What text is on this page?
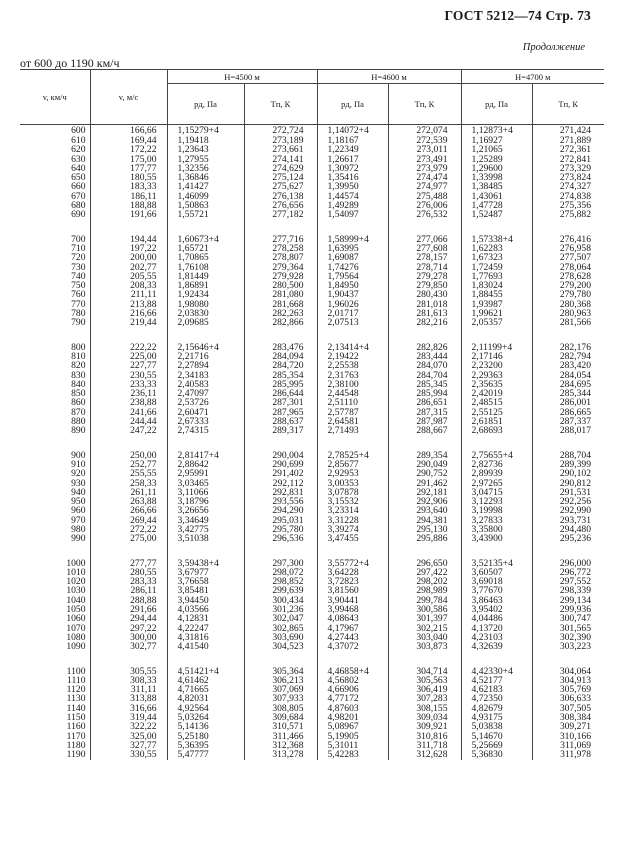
ГОСТ 5212—74 Стр. 73
Продолжение
от 600 до 1190 км/ч
v, км/ч	v, м/с	H=4500 м		H=4600 м		H=4700 м	
		pд, Па	Tп, К	pд, Па	Tп, К	pд, Па	Tп, К
600	166,66	1,15279+4	272,724	1,14072+4	272,074	1,12873+4	271,424
610	169,44	1,19418	273,189	1,18167	272,539	1,16927	271,889
620	172,22	1,23643	273,661	1,22349	273,011	1,21065	272,361
630	175,00	1,27955	274,141	1,26617	273,491	1,25289	272,841
640	177,77	1,32356	274,629	1,30972	273,979	1,29600	273,329
650	180,55	1,36846	275,124	1,35416	274,474	1,33998	273,824
660	183,33	1,41427	275,627	1,39950	274,977	1,38485	274,327
670	186,11	1,46099	276,138	1,44574	275,488	1,43061	274,838
680	188,88	1,50863	276,656	1,49289	276,006	1,47728	275,356
690	191,66	1,55721	277,182	1,54097	276,532	1,52487	275,882

700	194,44	1,60673+4	277,716	1,58999+4	277,066	1,57338+4	276,416
710	197,22	1,65721	278,258	1,63995	277,608	1,62283	276,958
720	200,00	1,70865	278,807	1,69087	278,157	1,67323	277,507
730	202,77	1,76108	279,364	1,74276	278,714	1,72459	278,064
740	205,55	1,81449	279,928	1,79564	279,278	1,77693	278,628
750	208,33	1,86891	280,500	1,84950	279,850	1,83024	279,200
760	211,11	1,92434	281,080	1,90437	280,430	1,88455	279,780
770	213,88	1,98080	281,668	1,96026	281,018	1,93987	280,368
780	216,66	2,03830	282,263	2,01717	281,613	1,99621	280,963
790	219,44	2,09685	282,866	2,07513	282,216	2,05357	281,566

800	222,22	2,15646+4	283,476	2,13414+4	282,826	2,11199+4	282,176
810	225,00	2,21716	284,094	2,19422	283,444	2,17146	282,794
820	227,77	2,27894	284,720	2,25538	284,070	2,23200	283,420
830	230,55	2,34183	285,354	2,31763	284,704	2,29363	284,054
840	233,33	2,40583	285,995	2,38100	285,345	2,35635	284,695
850	236,11	2,47097	286,644	2,44548	285,994	2,42019	285,344
860	238,88	2,53726	287,301	2,51110	286,651	2,48515	286,001
870	241,66	2,60471	287,965	2,57787	287,315	2,55125	286,665
880	244,44	2,67333	288,637	2,64581	287,987	2,61851	287,337
890	247,22	2,74315	289,317	2,71493	288,667	2,68693	288,017

900	250,00	2,81417+4	290,004	2,78525+4	289,354	2,75655+4	288,704
910	252,77	2,88642	290,699	2,85677	290,049	2,82736	289,399
920	255,55	2,95991	291,402	2,92953	290,752	2,89939	290,102
930	258,33	3,03465	292,112	3,00353	291,462	2,97265	290,812
940	261,11	3,11066	292,831	3,07878	292,181	3,04715	291,531
950	263,88	3,18796	293,556	3,15532	292,906	3,12293	292,256
960	266,66	3,26656	294,290	3,23314	293,640	3,19998	292,990
970	269,44	3,34649	295,031	3,31228	294,381	3,27833	293,731
980	272,22	3,42775	295,780	3,39274	295,130	3,35800	294,480
990	275,00	3,51038	296,536	3,47455	295,886	3,43900	295,236

1000	277,77	3,59438+4	297,300	3,55772+4	296,650	3,52135+4	296,000
1010	280,55	3,67977	298,072	3,64228	297,422	3,60507	296,772
1020	283,33	3,76658	298,852	3,72823	298,202	3,69018	297,552
1030	286,11	3,85481	299,639	3,81560	298,989	3,77670	298,339
1040	288,88	3,94450	300,434	3,90441	299,784	3,86463	299,134
1050	291,66	4,03566	301,236	3,99468	300,586	3,95402	299,936
1060	294,44	4,12831	302,047	4,08643	301,397	4,04486	300,747
1070	297,22	4,22247	302,865	4,17967	302,215	4,13720	301,565
1080	300,00	4,31816	303,690	4,27443	303,040	4,23103	302,390
1090	302,77	4,41540	304,523	4,37072	303,873	4,32639	303,223

1100	305,55	4,51421+4	305,364	4,46858+4	304,714	4,42330+4	304,064
1110	308,33	4,61462	306,213	4,56802	305,563	4,52177	304,913
1120	311,11	4,71665	307,069	4,66906	306,419	4,62183	305,769
1130	313,88	4,82031	307,933	4,77172	307,283	4,72350	306,633
1140	316,66	4,92564	308,805	4,87603	308,155	4,82679	307,505
1150	319,44	5,03264	309,684	4,98201	309,034	4,93175	308,384
1160	322,22	5,14136	310,571	5,08967	309,921	5,03838	309,271
1170	325,00	5,25180	311,466	5,19905	310,816	5,14670	310,166
1180	327,77	5,36395	312,368	5,31011	311,718	5,25669	311,069
1190	330,55	5,47777	313,278	5,42283	312,628	5,36830	311,978
